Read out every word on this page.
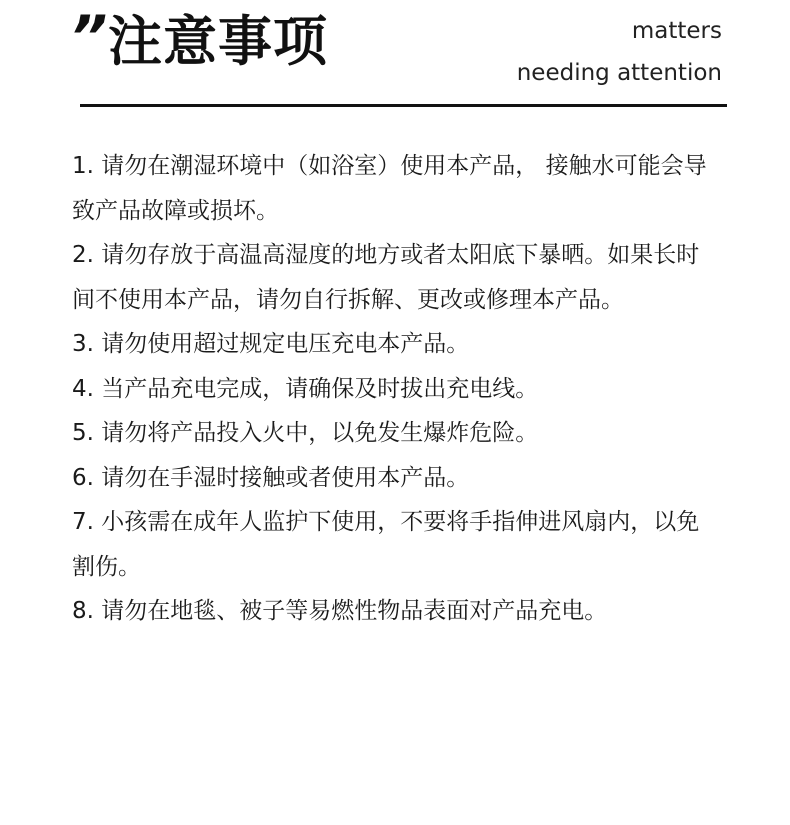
” 注意事项	matters
needing attention

1. 请勿在潮湿环境中（如浴室）使用本产品， 接触水可能会导致产品故障或损坏。

2. 请勿存放于高温高湿度的地方或者太阳底下暴晒。如果长时间不使用本产品，请勿自行拆解、更改或修理本产品。

3. 请勿使用超过规定电压充电本产品。

4. 当产品充电完成，请确保及时拔出充电线。

5. 请勿将产品投入火中，以免发生爆炸危险。

6. 请勿在手湿时接触或者使用本产品。

7. 小孩需在成年人监护下使用，不要将手指伸进风扇内，以免割伤。

8. 请勿在地毯、被子等易燃性物品表面对产品充电。
